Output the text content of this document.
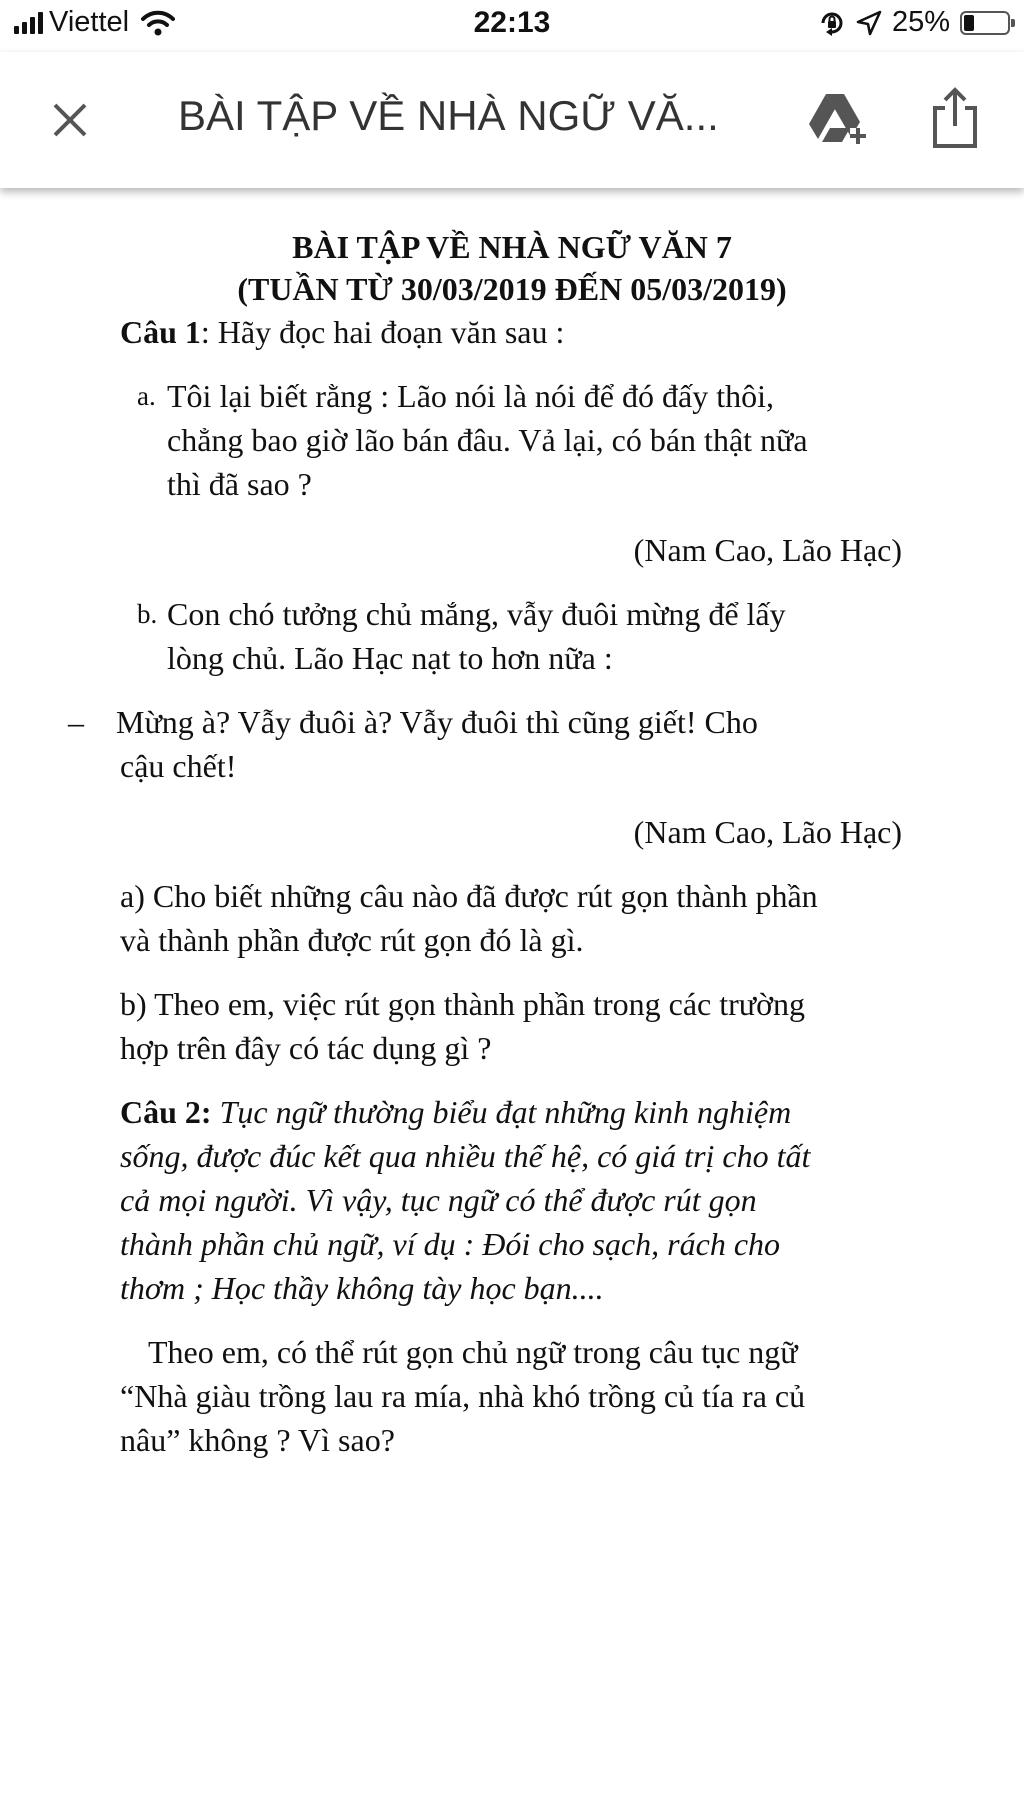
Viettel	22:13	25%
BÀI TẬP VỀ NHÀ NGỮ VĂ...
BÀI TẬP VỀ NHÀ NGỮ VĂN 7
(TUẦN TỪ 30/03/2019 ĐẾN 05/03/2019)
Câu 1: Hãy đọc hai đoạn văn sau :
a. Tôi lại biết rằng : Lão nói là nói để đó đấy thôi,
chẳng bao giờ lão bán đâu. Vả lại, có bán thật nữa
thì đã sao ?
(Nam Cao, Lão Hạc)
b. Con chó tưởng chủ mắng, vẫy đuôi mừng để lấy
lòng chủ. Lão Hạc nạt to hơn nữa :
– Mừng à? Vẫy đuôi à? Vẫy đuôi thì cũng giết! Cho
cậu chết!
(Nam Cao, Lão Hạc)
a) Cho biết những câu nào đã được rút gọn thành phần
và thành phần được rút gọn đó là gì.
b) Theo em, việc rút gọn thành phần trong các trường
hợp trên đây có tác dụng gì ?
Câu 2: Tục ngữ thường biểu đạt những kinh nghiệm
sống, được đúc kết qua nhiều thế hệ, có giá trị cho tất
cả mọi người. Vì vậy, tục ngữ có thể được rút gọn
thành phần chủ ngữ, ví dụ : Đói cho sạch, rách cho
thơm ; Học thầy không tày học bạn....
Theo em, có thể rút gọn chủ ngữ trong câu tục ngữ
“Nhà giàu trồng lau ra mía, nhà khó trồng củ tía ra củ
nâu” không ? Vì sao?
